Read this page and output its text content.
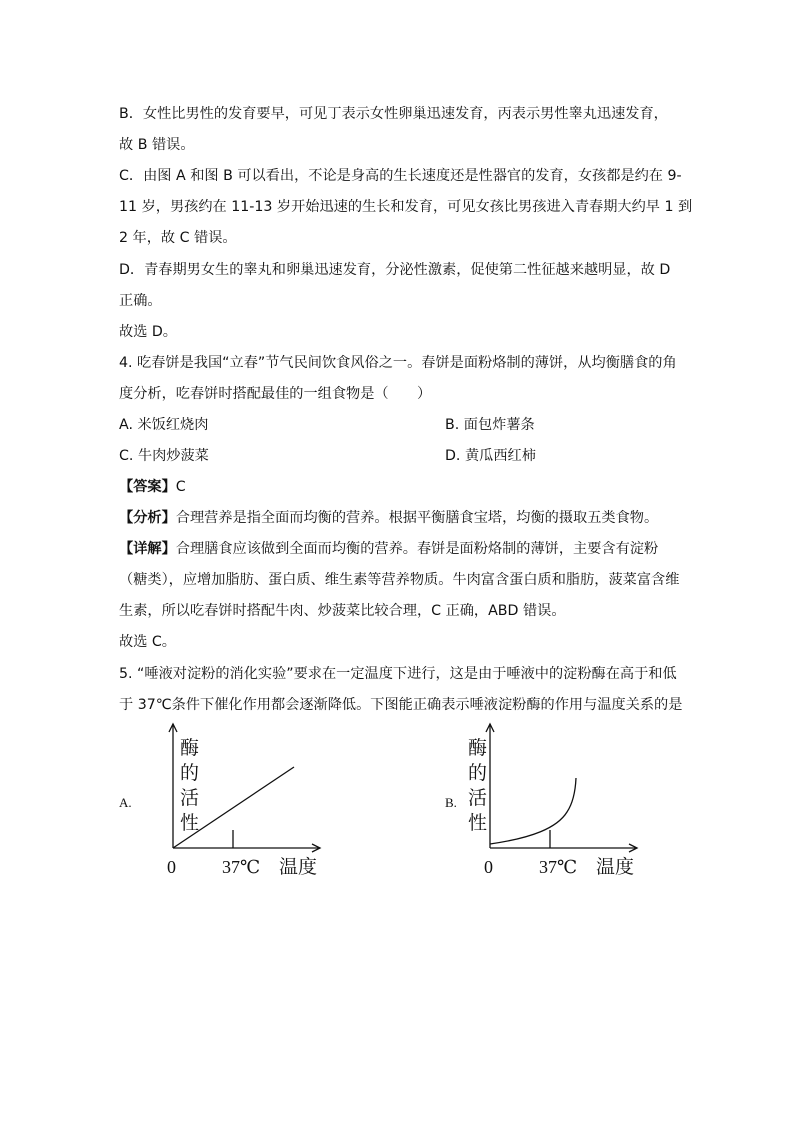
B．女性比男性的发育要早，可见丁表示女性卵巢迅速发育，丙表示男性睾丸迅速发育，
故 B 错误。
C．由图 A 和图 B 可以看出，不论是身高的生长速度还是性器官的发育，女孩都是约在 9-
11 岁，男孩约在 11-13 岁开始迅速的生长和发育，可见女孩比男孩进入青春期大约早 1 到
2 年，故 C 错误。
D．青春期男女生的睾丸和卵巢迅速发育，分泌性激素，促使第二性征越来越明显，故 D
正确。
故选 D。
4. 吃春饼是我国“立春”节气民间饮食风俗之一。春饼是面粉烙制的薄饼，从均衡膳食的角
度分析，吃春饼时搭配最佳的一组食物是（　　）
A. 米饭红烧肉	B. 面包炸薯条
C. 牛肉炒菠菜	D. 黄瓜西红柿
【答案】C
【分析】合理营养是指全面而均衡的营养。根据平衡膳食宝塔，均衡的摄取五类食物。
【详解】合理膳食应该做到全面而均衡的营养。春饼是面粉烙制的薄饼，主要含有淀粉
（糖类），应增加脂肪、蛋白质、维生素等营养物质。牛肉富含蛋白质和脂肪，菠菜富含维
生素，所以吃春饼时搭配牛肉、炒菠菜比较合理，C 正确，ABD 错误。
故选 C。
5. “唾液对淀粉的消化实验”要求在一定温度下进行，这是由于唾液中的淀粉酶在高于和低
于 37℃条件下催化作用都会逐渐降低。下图能正确表示唾液淀粉酶的作用与温度关系的是
A.
酶
的
活
性
0	37℃ 温度
B.
酶
的
活
性
0	37℃ 温度
